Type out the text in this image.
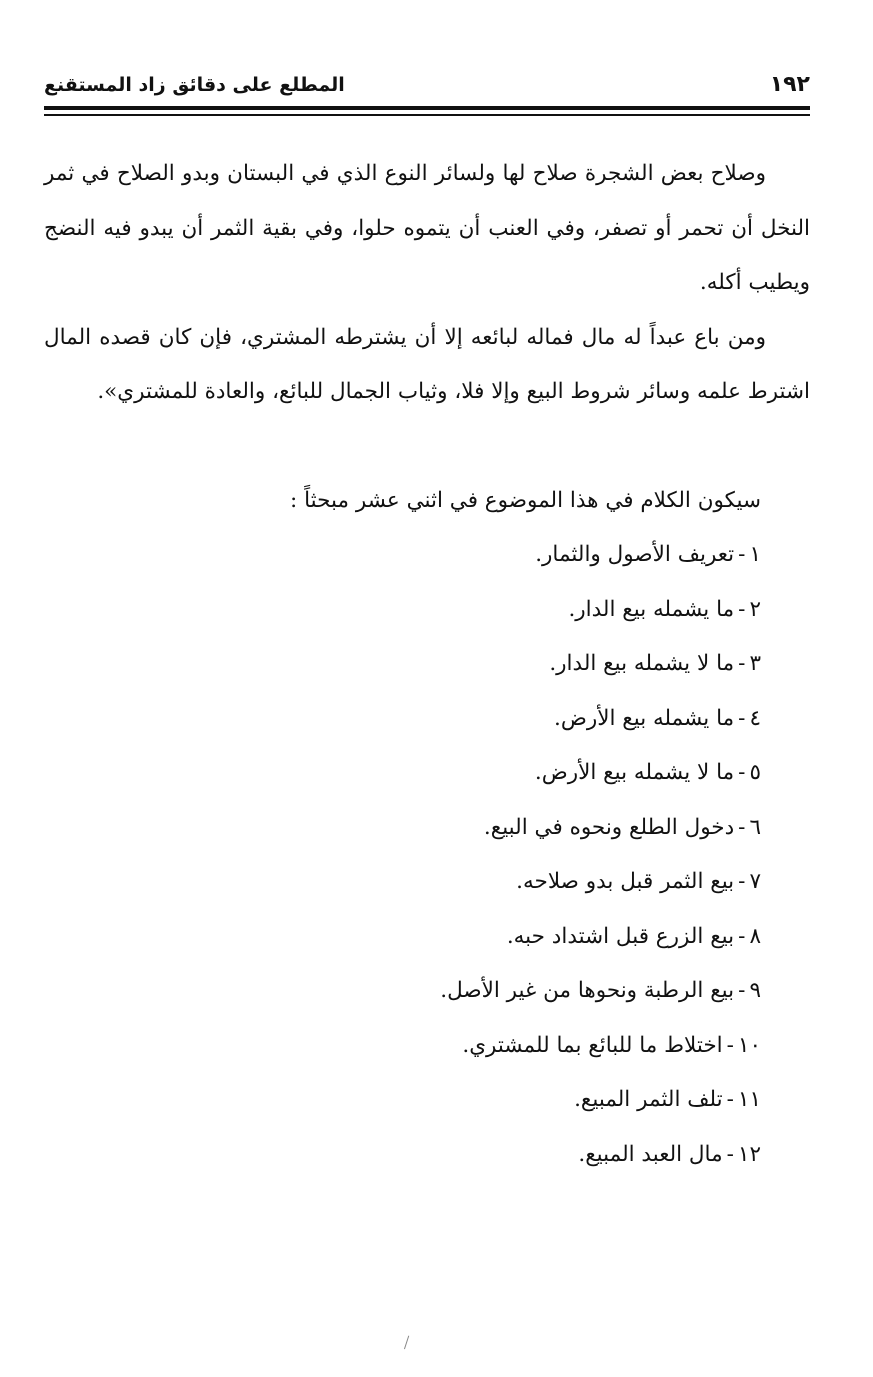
١٩٢
المطلع على دقائق زاد المستقنع

وصلاح بعض الشجرة صلاح لها ولسائر النوع الذي في البستان وبدو الصلاح في ثمر النخل أن تحمر أو تصفر، وفي العنب أن يتموه حلوا، وفي بقية الثمر أن يبدو فيه النضج ويطيب أكله.

ومن باع عبداً له مال فماله لبائعه إلا أن يشترطه المشتري، فإن كان قصده المال اشترط علمه وسائر شروط البيع وإلا فلا، وثياب الجمال للبائع، والعادة للمشتري».

سيكون الكلام في هذا الموضوع في اثني عشر مبحثاً :
١-تعريف الأصول والثمار.
٢-ما يشمله بيع الدار.
٣-ما لا يشمله بيع الدار.
٤-ما يشمله بيع الأرض.
٥-ما لا يشمله بيع الأرض.
٦-دخول الطلع ونحوه في البيع.
٧-بيع الثمر قبل بدو صلاحه.
٨-بيع الزرع قبل اشتداد حبه.
٩-بيع الرطبة ونحوها من غير الأصل.
١٠-اختلاط ما للبائع بما للمشتري.
١١-تلف الثمر المبيع.
١٢-مال العبد المبيع.
